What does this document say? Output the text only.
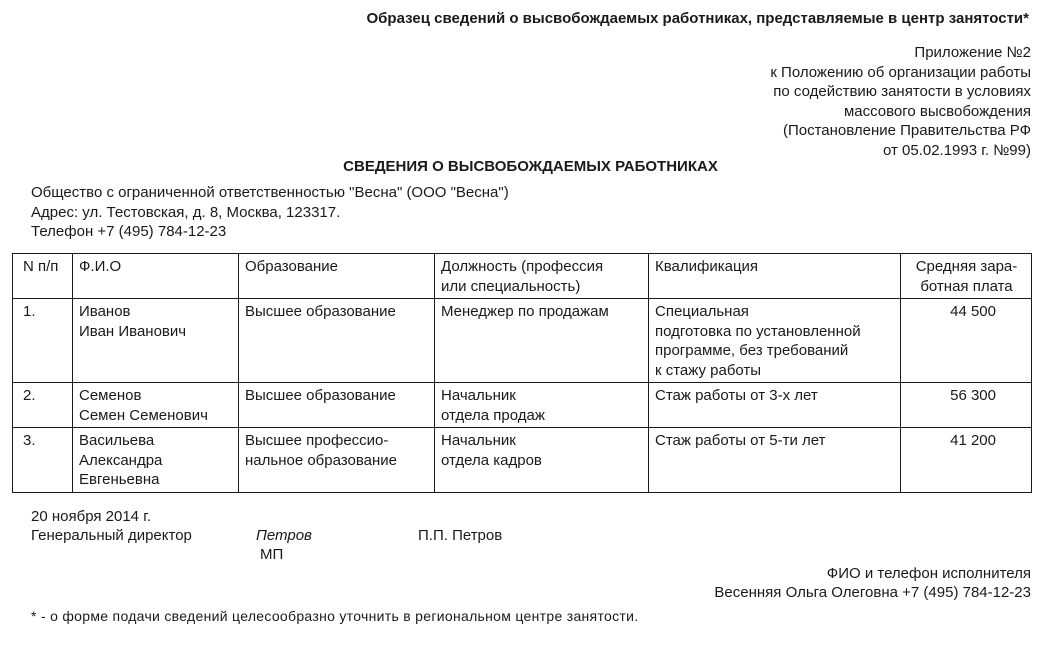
Образец сведений о высвобождаемых работниках, представляемые в центр занятости*
Приложение №2
к Положению об организации работы
по содействию занятости в условиях
массового высвобождения
(Постановление Правительства РФ
от 05.02.1993 г. №99)
СВЕДЕНИЯ О ВЫСВОБОЖДАЕМЫХ РАБОТНИКАХ
Общество с ограниченной ответственностью "Весна" (ООО "Весна")
Адрес: ул. Тестовская, д. 8, Москва, 123317.
Телефон +7 (495) 784-12-23
N п/п	Ф.И.О	Образование	Должность (профессия
или специальность)	Квалификация	Средняя зара-
ботная плата

1.	Иванов
Иван Иванович	Высшее образование	Менеджер по продажам	Специальная
подготовка по установленной
программе, без требований
к стажу работы	44 500

2.	Семенов
Семен Семенович	Высшее образование	Начальник
отдела продаж	Стаж работы от 3-х лет	56 300

3.	Васильева
Александра
Евгеньевна	Высшее профессио-
нальное образование	Начальник
отдела кадров	Стаж работы от 5-ти лет	41 200
20 ноября 2014 г.
Генеральный директор	Петров
МП
П.П. Петров
ФИО и телефон исполнителя
Весенняя Ольга Олеговна +7 (495) 784-12-23
* - о форме подачи сведений целесообразно уточнить в региональном центре занятости.
